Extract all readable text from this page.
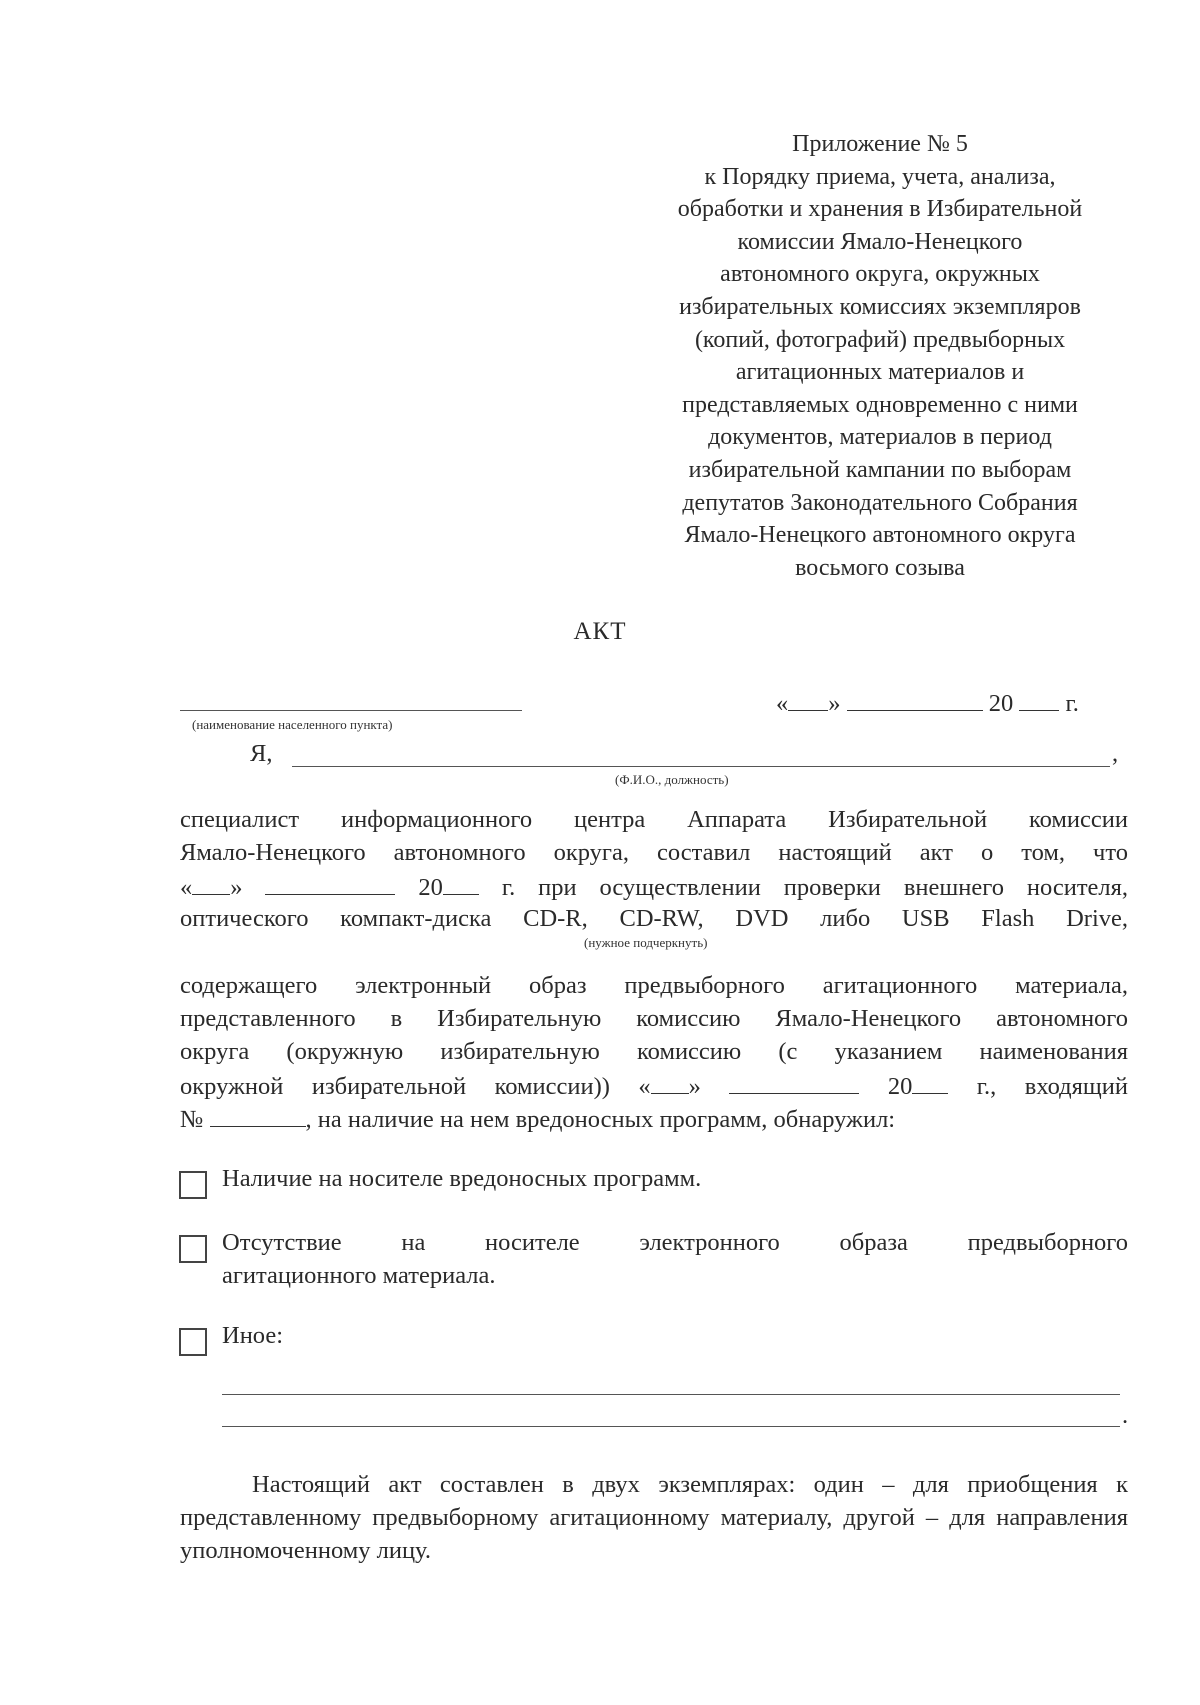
Приложение № 5
к Порядку приема, учета, анализа,
обработки и хранения в Избирательной
комиссии Ямало-Ненецкого
автономного округа, окружных
избирательных комиссиях экземпляров
(копий, фотографий) предвыборных
агитационных материалов и
представляемых одновременно с ними
документов, материалов в период
избирательной кампании по выборам
депутатов Законодательного Собрания
Ямало-Ненецкого автономного округа
восьмого созыва
АКТ
(наименование населенного пункта)
« »	20 г.
Я,	,
(Ф.И.О., должность)
специалист информационного центра Аппарата Избирательной комиссии
Ямало-Ненецкого автономного округа, составил настоящий акт о том, что
« »	20 г. при осуществлении проверки внешнего носителя,
оптического компакт-диска CD-R, CD-RW, DVD либо USB Flash Drive,
(нужное подчеркнуть)
содержащего электронный образ предвыборного агитационного материала,
представленного в Избирательную комиссию Ямало-Ненецкого автономного
округа (окружную избирательную комиссию (с указанием наименования
окружной избирательной комиссии)) « »	20	г., входящий
№	, на наличие на нем вредоносных программ, обнаружил:
Наличие на носителе вредоносных программ.
Отсутствие на носителе электронного образа предвыборного
агитационного материала.
Иное:
.
Настоящий акт составлен в двух экземплярах: один – для приобщения к представленному предвыборному агитационному материалу, другой – для направления уполномоченному лицу.
